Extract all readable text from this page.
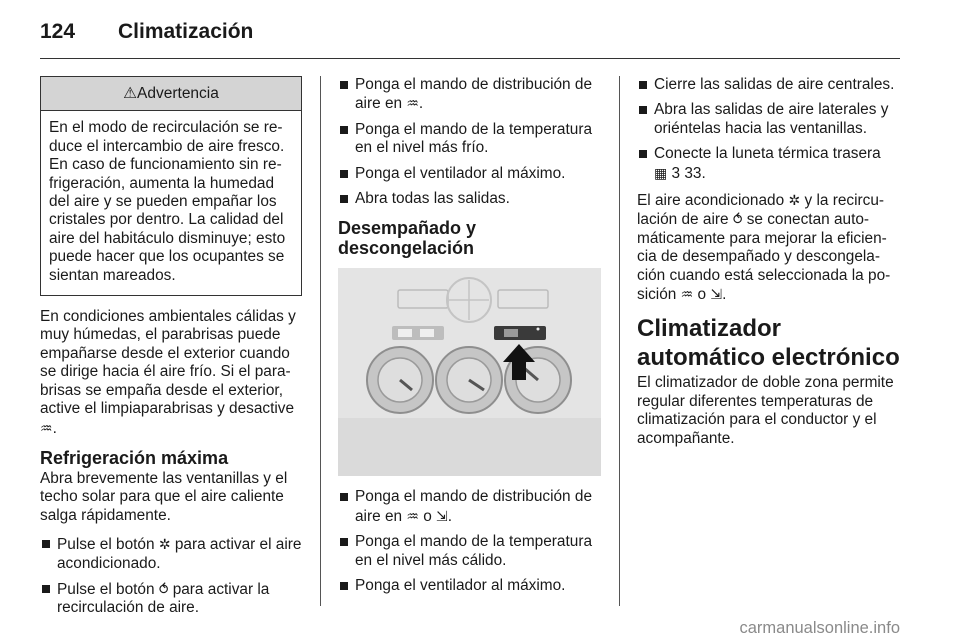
124 Climatización
⚠Advertencia
En el modo de recirculación se re-duce el intercambio de aire fresco. En caso de funcionamiento sin re-frigeración, aumenta la humedad del aire y se pueden empañar los cristales por dentro. La calidad del aire del habitáculo disminuye; esto puede hacer que los ocupantes se sientan mareados.

En condiciones ambientales cálidas y muy húmedas, el parabrisas puede empañarse desde el exterior cuando se dirige hacia él aire frío. Si el para-brisas se empaña desde el exterior, active el limpiaparabrisas y desactive ♒.

Refrigeración máxima

Abra brevemente las ventanillas y el techo solar para que el aire caliente salga rápidamente.

Pulse el botón ✲ para activar el aire acondicionado.
Pulse el botón ⥀ para activar la recirculación de aire.
Ponga el mando de distribución de aire en ♒.
Ponga el mando de la temperatura en el nivel más frío.
Ponga el ventilador al máximo.
Abra todas las salidas.
Desempañado y descongelación
Ponga el mando de distribución de aire en ♒ o ⇲.
Ponga el mando de la temperatura en el nivel más cálido.
Ponga el ventilador al máximo.
Cierre las salidas de aire centrales.
Abra las salidas de aire laterales y oriéntelas hacia las ventanillas.
Conecte la luneta térmica trasera
▦ 3 33.

El aire acondicionado ✲ y la recircu-lación de aire ⥀ se conectan auto-máticamente para mejorar la eficien-cia de desempañado y descongela-ción cuando está seleccionada la po-sición ♒ o ⇲.

Climatizador automático electrónico

El climatizador de doble zona permite regular diferentes temperaturas de climatización para el conductor y el acompañante.

carmanualsonline.info
